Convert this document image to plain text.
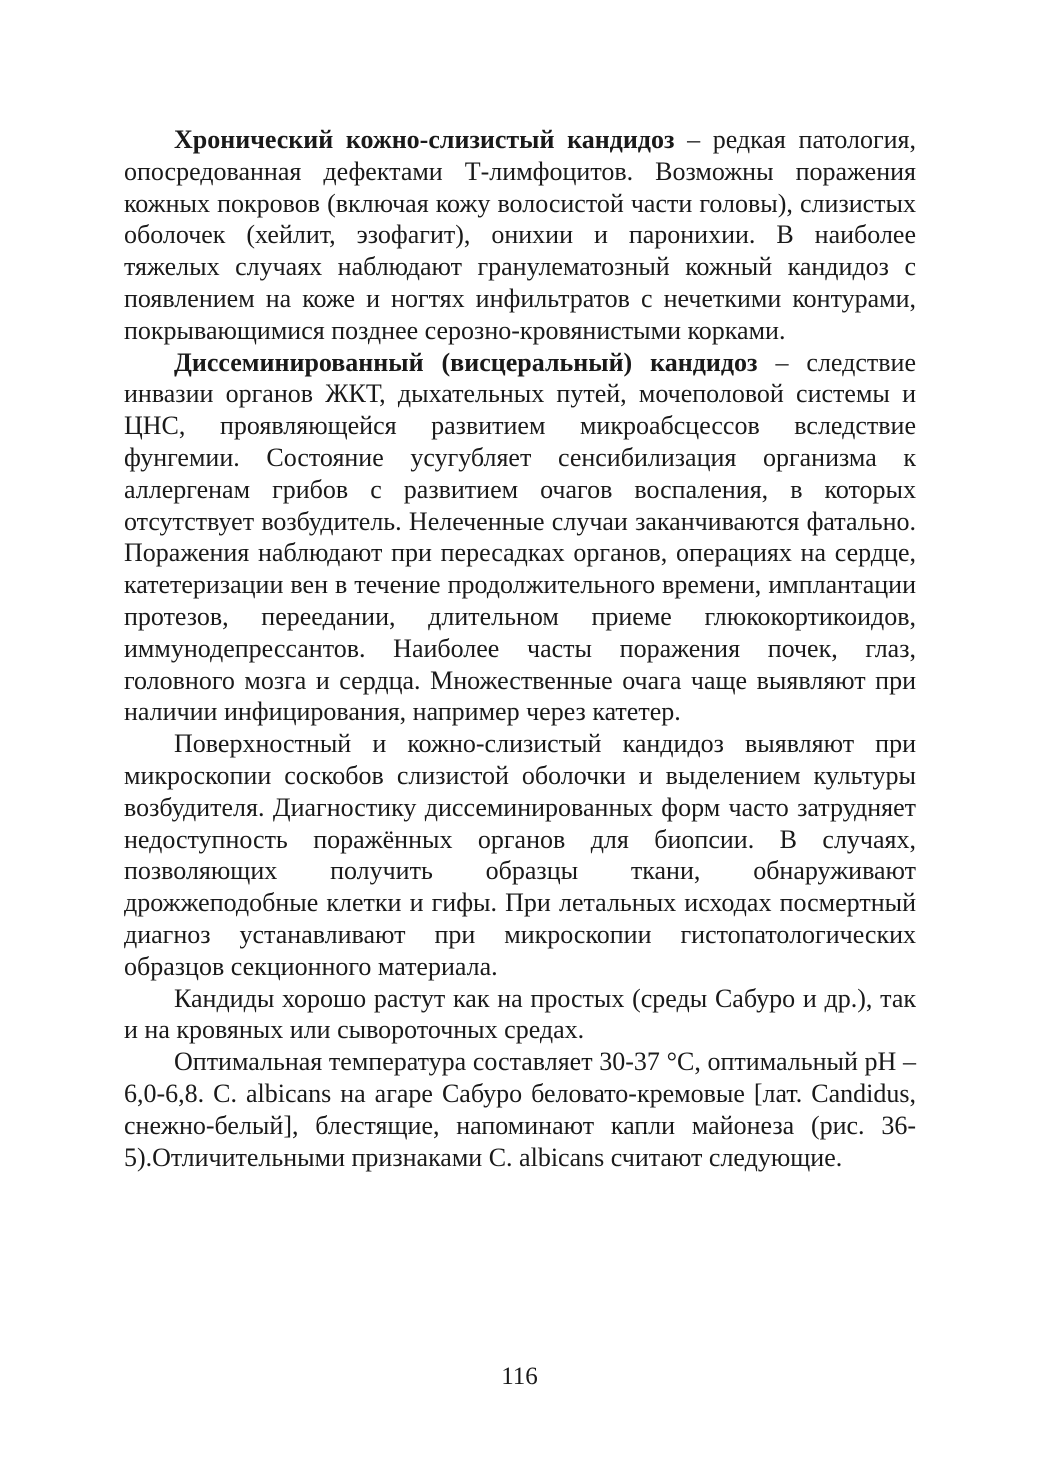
Хронический кожно-слизистый кандидоз – редкая патология, опосредованная дефектами Т-лимфоцитов. Возможны поражения кожных покровов (включая кожу волосистой части головы), слизистых оболочек (хейлит, эзофагит), онихии и паронихии. В наиболее тяжелых случаях наблюдают гранулематозный кожный кандидоз с появлением на коже и ногтях инфильтратов с нечеткими контурами, покрывающимися позднее серозно-кровянистыми корками.

Диссеминированный (висцеральный) кандидоз – следствие инвазии органов ЖКТ, дыхательных путей, мочеполовой системы и ЦНС, проявляющейся развитием микроабсцессов вследствие фунгемии. Состояние усугубляет сенсибилизация организма к аллергенам грибов с развитием очагов воспаления, в которых отсутствует возбудитель. Нелеченные случаи заканчиваются фатально. Поражения наблюдают при пересадках органов, операциях на сердце, катетеризации вен в течение продолжительного времени, имплантации протезов, переедании, длительном приеме глюкокортикоидов, иммунодепрессантов. Наиболее часты поражения почек, глаз, головного мозга и сердца. Множественные очага чаще выявляют при наличии инфицирования, например через катетер.

Поверхностный и кожно-слизистый кандидоз выявляют при микроскопии соскобов слизистой оболочки и выделением культуры возбудителя. Диагностику диссеминированных форм часто затрудняет недоступность поражённых органов для биопсии. В случаях, позволяющих получить образцы ткани, обнаруживают дрожжеподобные клетки и гифы. При летальных исходах посмертный диагноз устанавливают при микроскопии гистопатологических образцов секционного материала.

Кандиды хорошо растут как на простых (среды Сабуро и др.), так и на кровяных или сывороточных средах.

Оптимальная температура составляет 30-37 °С, оптимальный рН – 6,0-6,8. C. albicans на агаре Сабуро беловато-кремовые [лат. Candidus, снежно-белый], блестящие, напоминают капли майонеза (рис. 36-5).Отличительными признаками C. albicans считают следующие.

116
